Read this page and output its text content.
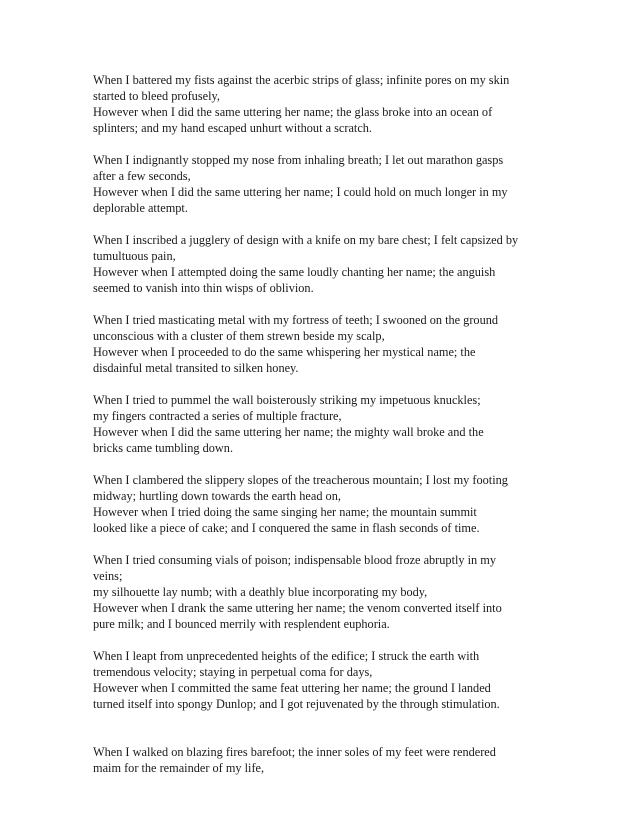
When I battered my fists against the acerbic strips of glass; infinite pores on my skin
started to bleed profusely,
However when I did the same uttering her name; the glass broke into an ocean of
splinters; and my hand escaped unhurt without a scratch.
When I indignantly stopped my nose from inhaling breath; I let out marathon gasps
after a few seconds,
However when I did the same uttering her name; I could hold on much longer in my
deplorable attempt.
When I inscribed a jugglery of design with a knife on my bare chest; I felt capsized by
tumultuous pain,
However when I attempted doing the same loudly chanting her name; the anguish
seemed to vanish into thin wisps of oblivion.
When I tried masticating metal with my fortress of teeth; I swooned on the ground
unconscious with a cluster of them strewn beside my scalp,
However when I proceeded to do the same whispering her mystical name; the
disdainful metal transited to silken honey.
When I tried to pummel the wall boisterously striking my impetuous knuckles;
my fingers contracted a series of multiple fracture,
However when I did the same uttering her name; the mighty wall broke and the
bricks came tumbling down.
When I clambered the slippery slopes of the treacherous mountain; I lost my footing
midway; hurtling down towards the earth head on,
However when I tried doing the same singing her name; the mountain summit
looked like a piece of cake; and I conquered the same in flash seconds of time.
When I tried consuming vials of poison; indispensable blood froze abruptly in my
veins;
my silhouette lay numb; with a deathly blue incorporating my body,
However when I drank the same uttering her name; the venom converted itself into
pure milk; and I bounced merrily with resplendent euphoria.
When I leapt from unprecedented heights of the edifice; I struck the earth with
tremendous velocity; staying in perpetual coma for days,
However when I committed the same feat uttering her name; the ground I landed
turned itself into spongy Dunlop; and I got rejuvenated by the through stimulation.
When I walked on blazing fires barefoot; the inner soles of my feet were rendered
maim for the remainder of my life,
